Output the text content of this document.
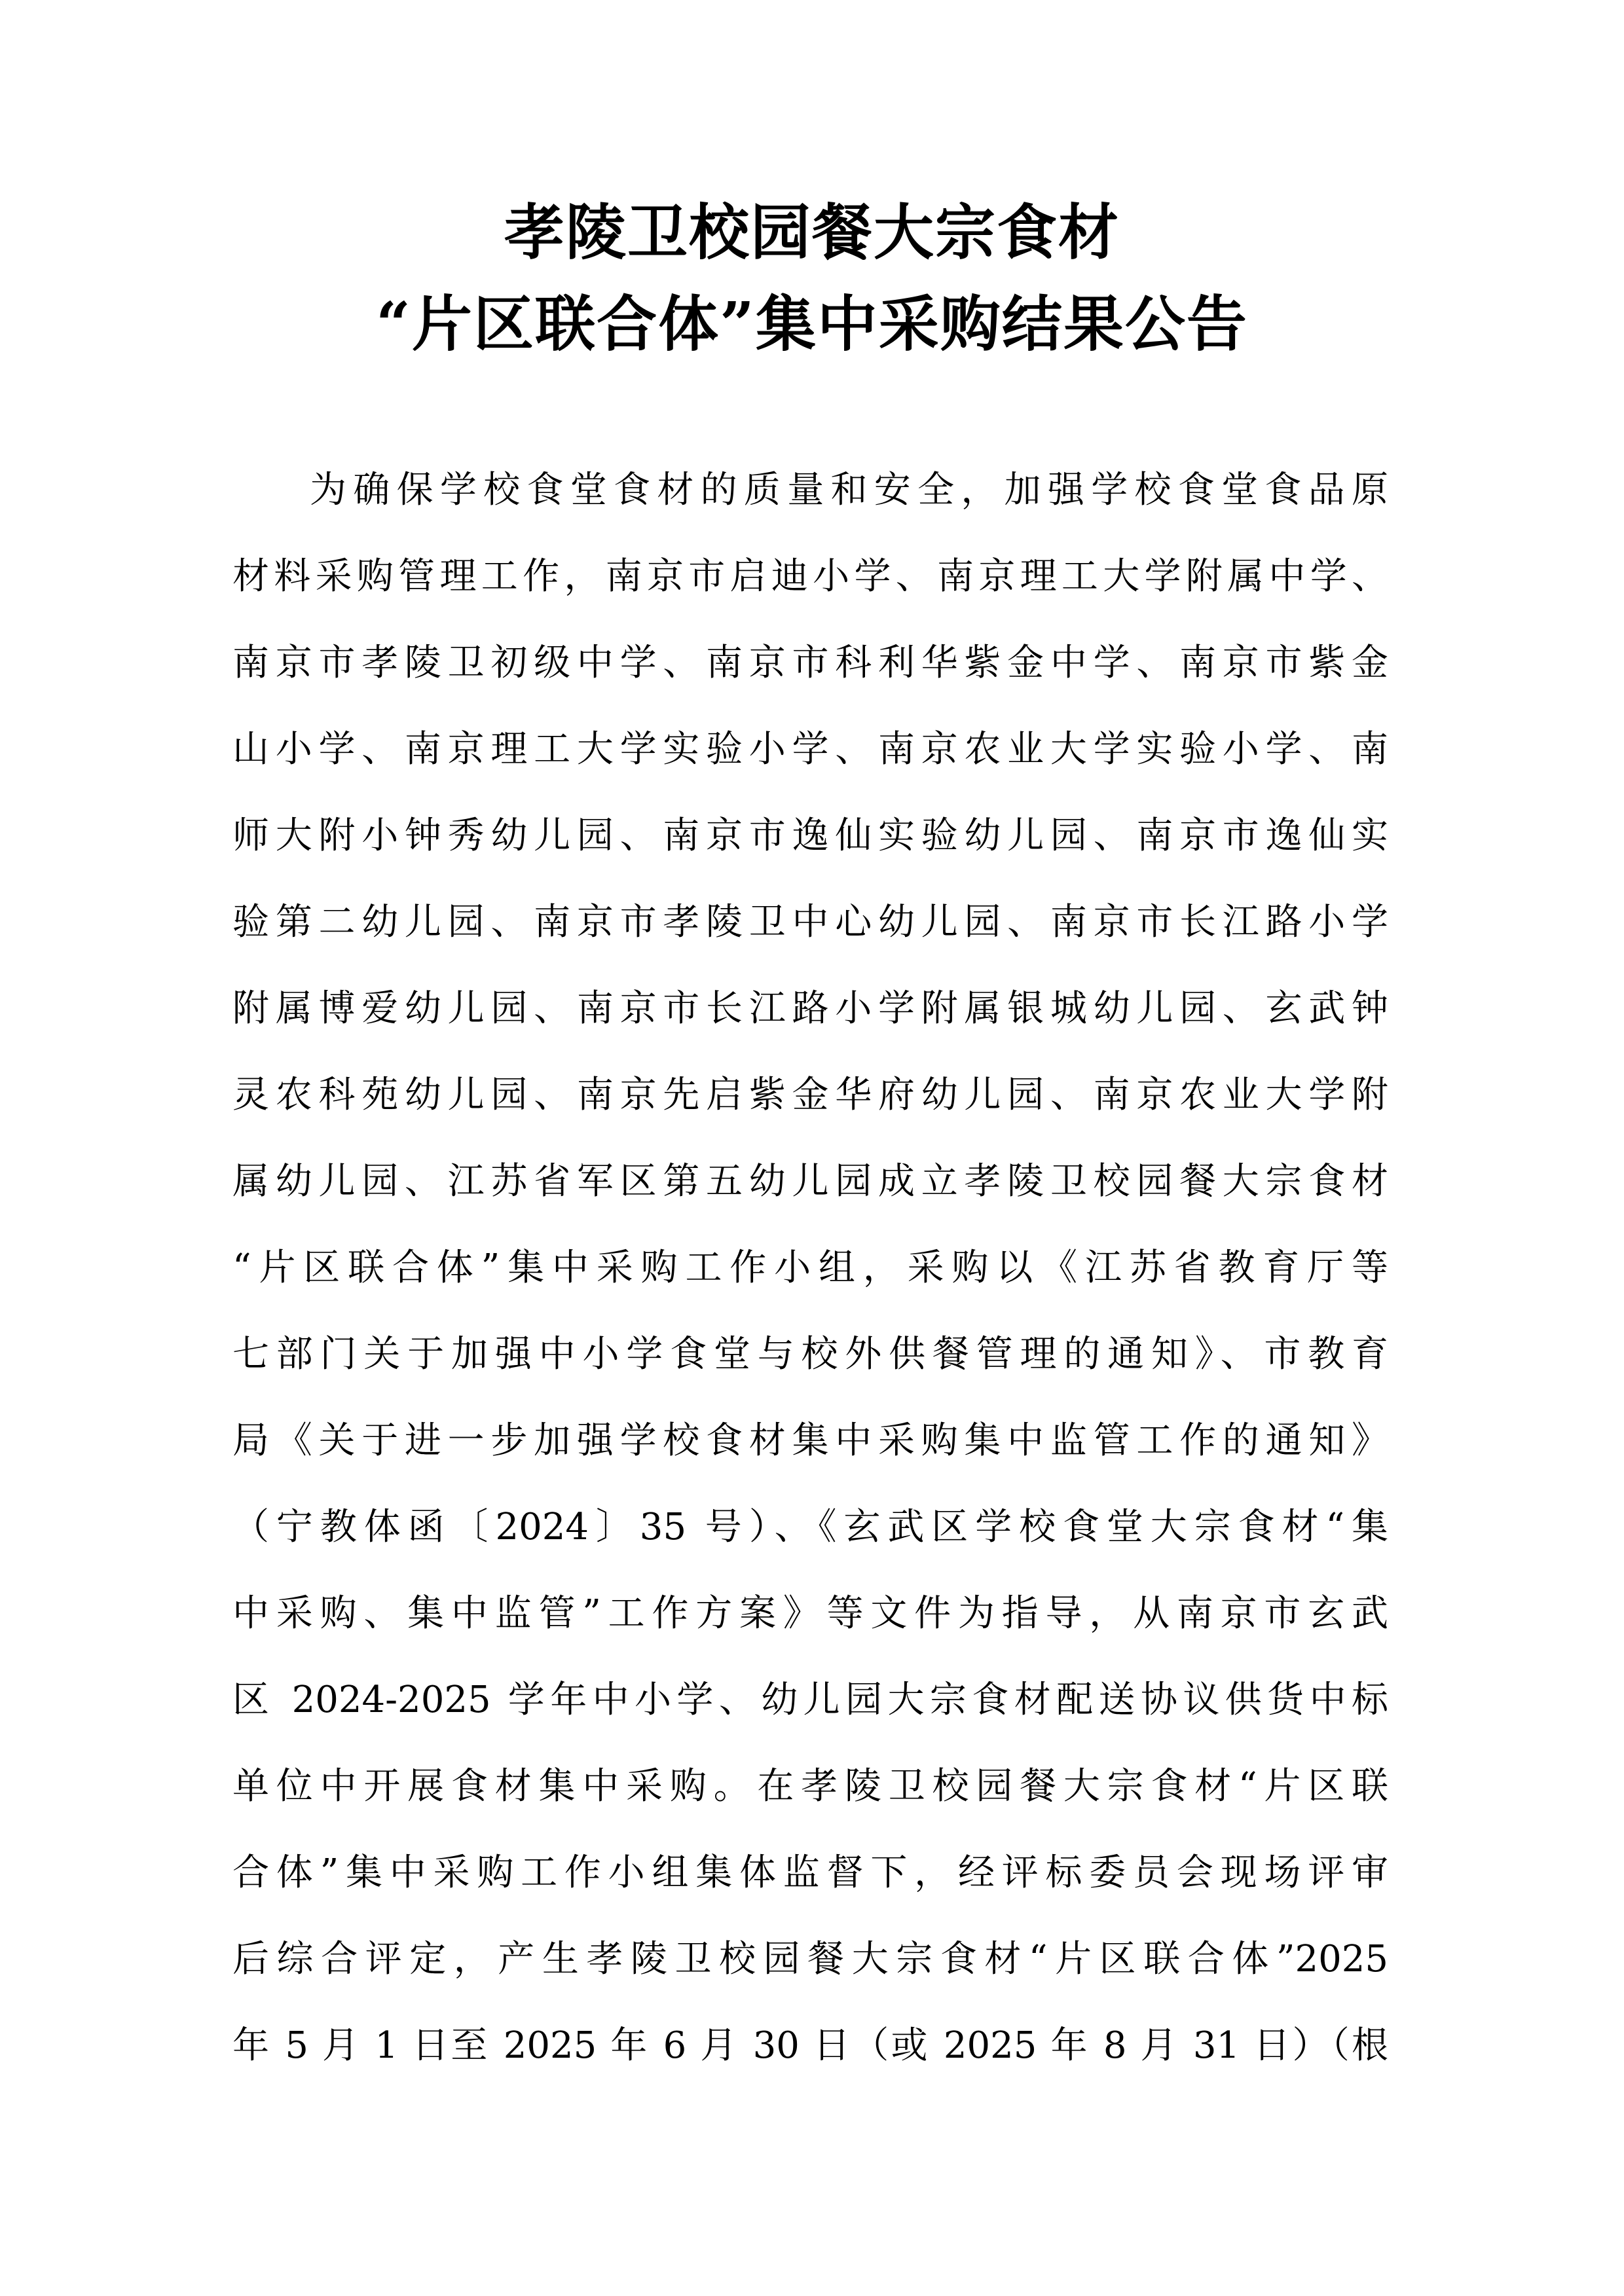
孝陵卫校园餐大宗食材
“片区联合体”集中采购结果公告
为确保学校食堂食材的质量和安全，加强学校食堂食品原
材料采购管理工作，南京市启迪小学、南京理工大学附属中学、
南京市孝陵卫初级中学、南京市科利华紫金中学、南京市紫金
山小学、南京理工大学实验小学、南京农业大学实验小学、南
师大附小钟秀幼儿园、南京市逸仙实验幼儿园、南京市逸仙实
验第二幼儿园、南京市孝陵卫中心幼儿园、南京市长江路小学
附属博爱幼儿园、南京市长江路小学附属银城幼儿园、玄武钟
灵农科苑幼儿园、南京先启紫金华府幼儿园、南京农业大学附
属幼儿园、江苏省军区第五幼儿园成立孝陵卫校园餐大宗食材
“片区联合体”集中采购工作小组，采购以《江苏省教育厅等
七部门关于加强中小学食堂与校外供餐管理的通知》、市教育
局《关于进一步加强学校食材集中采购集中监管工作的通知》
（宁教体函〔2024〕35 号）、《玄武区学校食堂大宗食材“集
中采购、集中监管”工作方案》等文件为指导，从南京市玄武
区 2024-2025 学年中小学、幼儿园大宗食材配送协议供货中标
单位中开展食材集中采购。在孝陵卫校园餐大宗食材“片区联
合体”集中采购工作小组集体监督下，经评标委员会现场评审
后综合评定，产生孝陵卫校园餐大宗食材“片区联合体”2025
年 5 月 1 日至 2025 年 6 月 30 日（或 2025 年 8 月 31 日）（根
